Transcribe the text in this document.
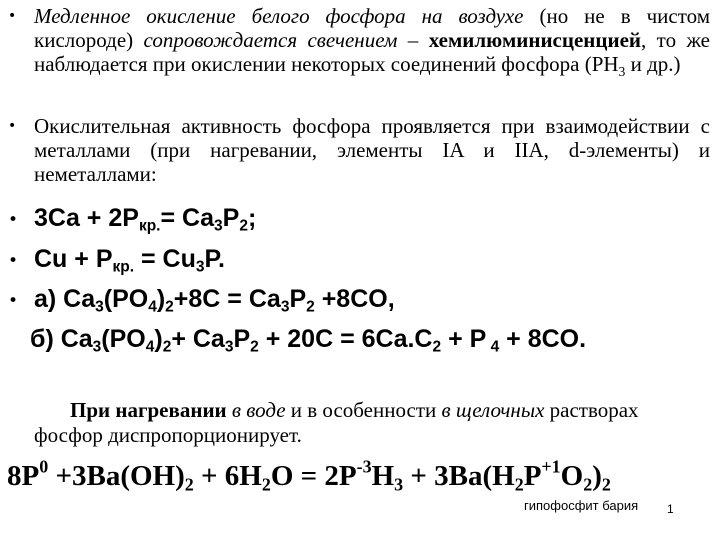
• Медленное окисление белого фосфора на воздухе (но не в чистом кислороде) сопровождается свечением – хемилюминисценцией, то же наблюдается при окислении некоторых соединений фосфора ($PH_3$ и др.)
• Окислительная активность фосфора проявляется при взаимодействии с металлами (при нагревании, элементы IA и IIA, d-элементы) и неметаллами:
• $3Ca + 2P_{кр.}= Ca_3P_2$;
• $Cu + P_{кр.} = Cu_3P$.
• а) $Ca_3(PO_4)_2+8C = Ca_3P_2 +8CO$,
б) $Ca_3(PO_4)_2+ Ca_3P_2 + 20C = 6Ca.C_2 + P$ $_4$ + 8CO.
При нагревании в воде и в особенности в щелочных растворах фосфор диспропорционирует.
$8P^0 +3Ba(OH)_2 + 6H_2O = 2P^{-3}H_3 + 3Ba(H_2P^{+1}O_2)_2$
гипофосфит бария 1
